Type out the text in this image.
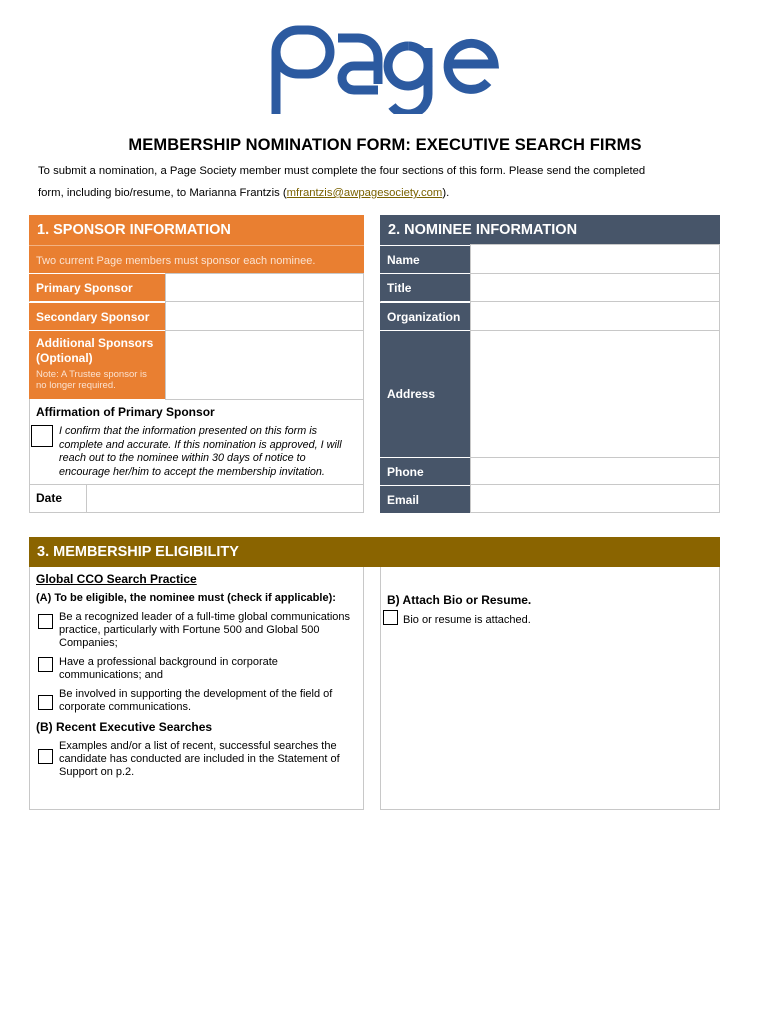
MEMBERSHIP NOMINATION FORM: EXECUTIVE SEARCH FIRMS
To submit a nomination, a Page Society member must complete the four sections of this form. Please send the completed
form, including bio/resume, to Marianna Frantzis (mfrantzis@awpagesociety.com).
1. SPONSOR INFORMATION
Two current Page members must sponsor each nominee.
Primary Sponsor
Secondary Sponsor
Additional Sponsors (Optional)
Note: A Trustee sponsor is no longer required.
Affirmation of Primary Sponsor
I confirm that the information presented on this form is complete and accurate. If this nomination is approved, I will reach out to the nominee within 30 days of notice to encourage her/him to accept the membership invitation.
Date
2. NOMINEE INFORMATION
Name
Title
Organization
Address
Phone
Email
3. MEMBERSHIP ELIGIBILITY
Global CCO Search Practice
(A) To be eligible, the nominee must (check if applicable):
Be a recognized leader of a full-time global communications practice, particularly with Fortune 500 and Global 500 Companies;
Have a professional background in corporate communications; and
Be involved in supporting the development of the field of corporate communications.
(B) Recent Executive Searches
Examples and/or a list of recent, successful searches the candidate has conducted are included in the Statement of Support on p.2.
B) Attach Bio or Resume.
Bio or resume is attached.
